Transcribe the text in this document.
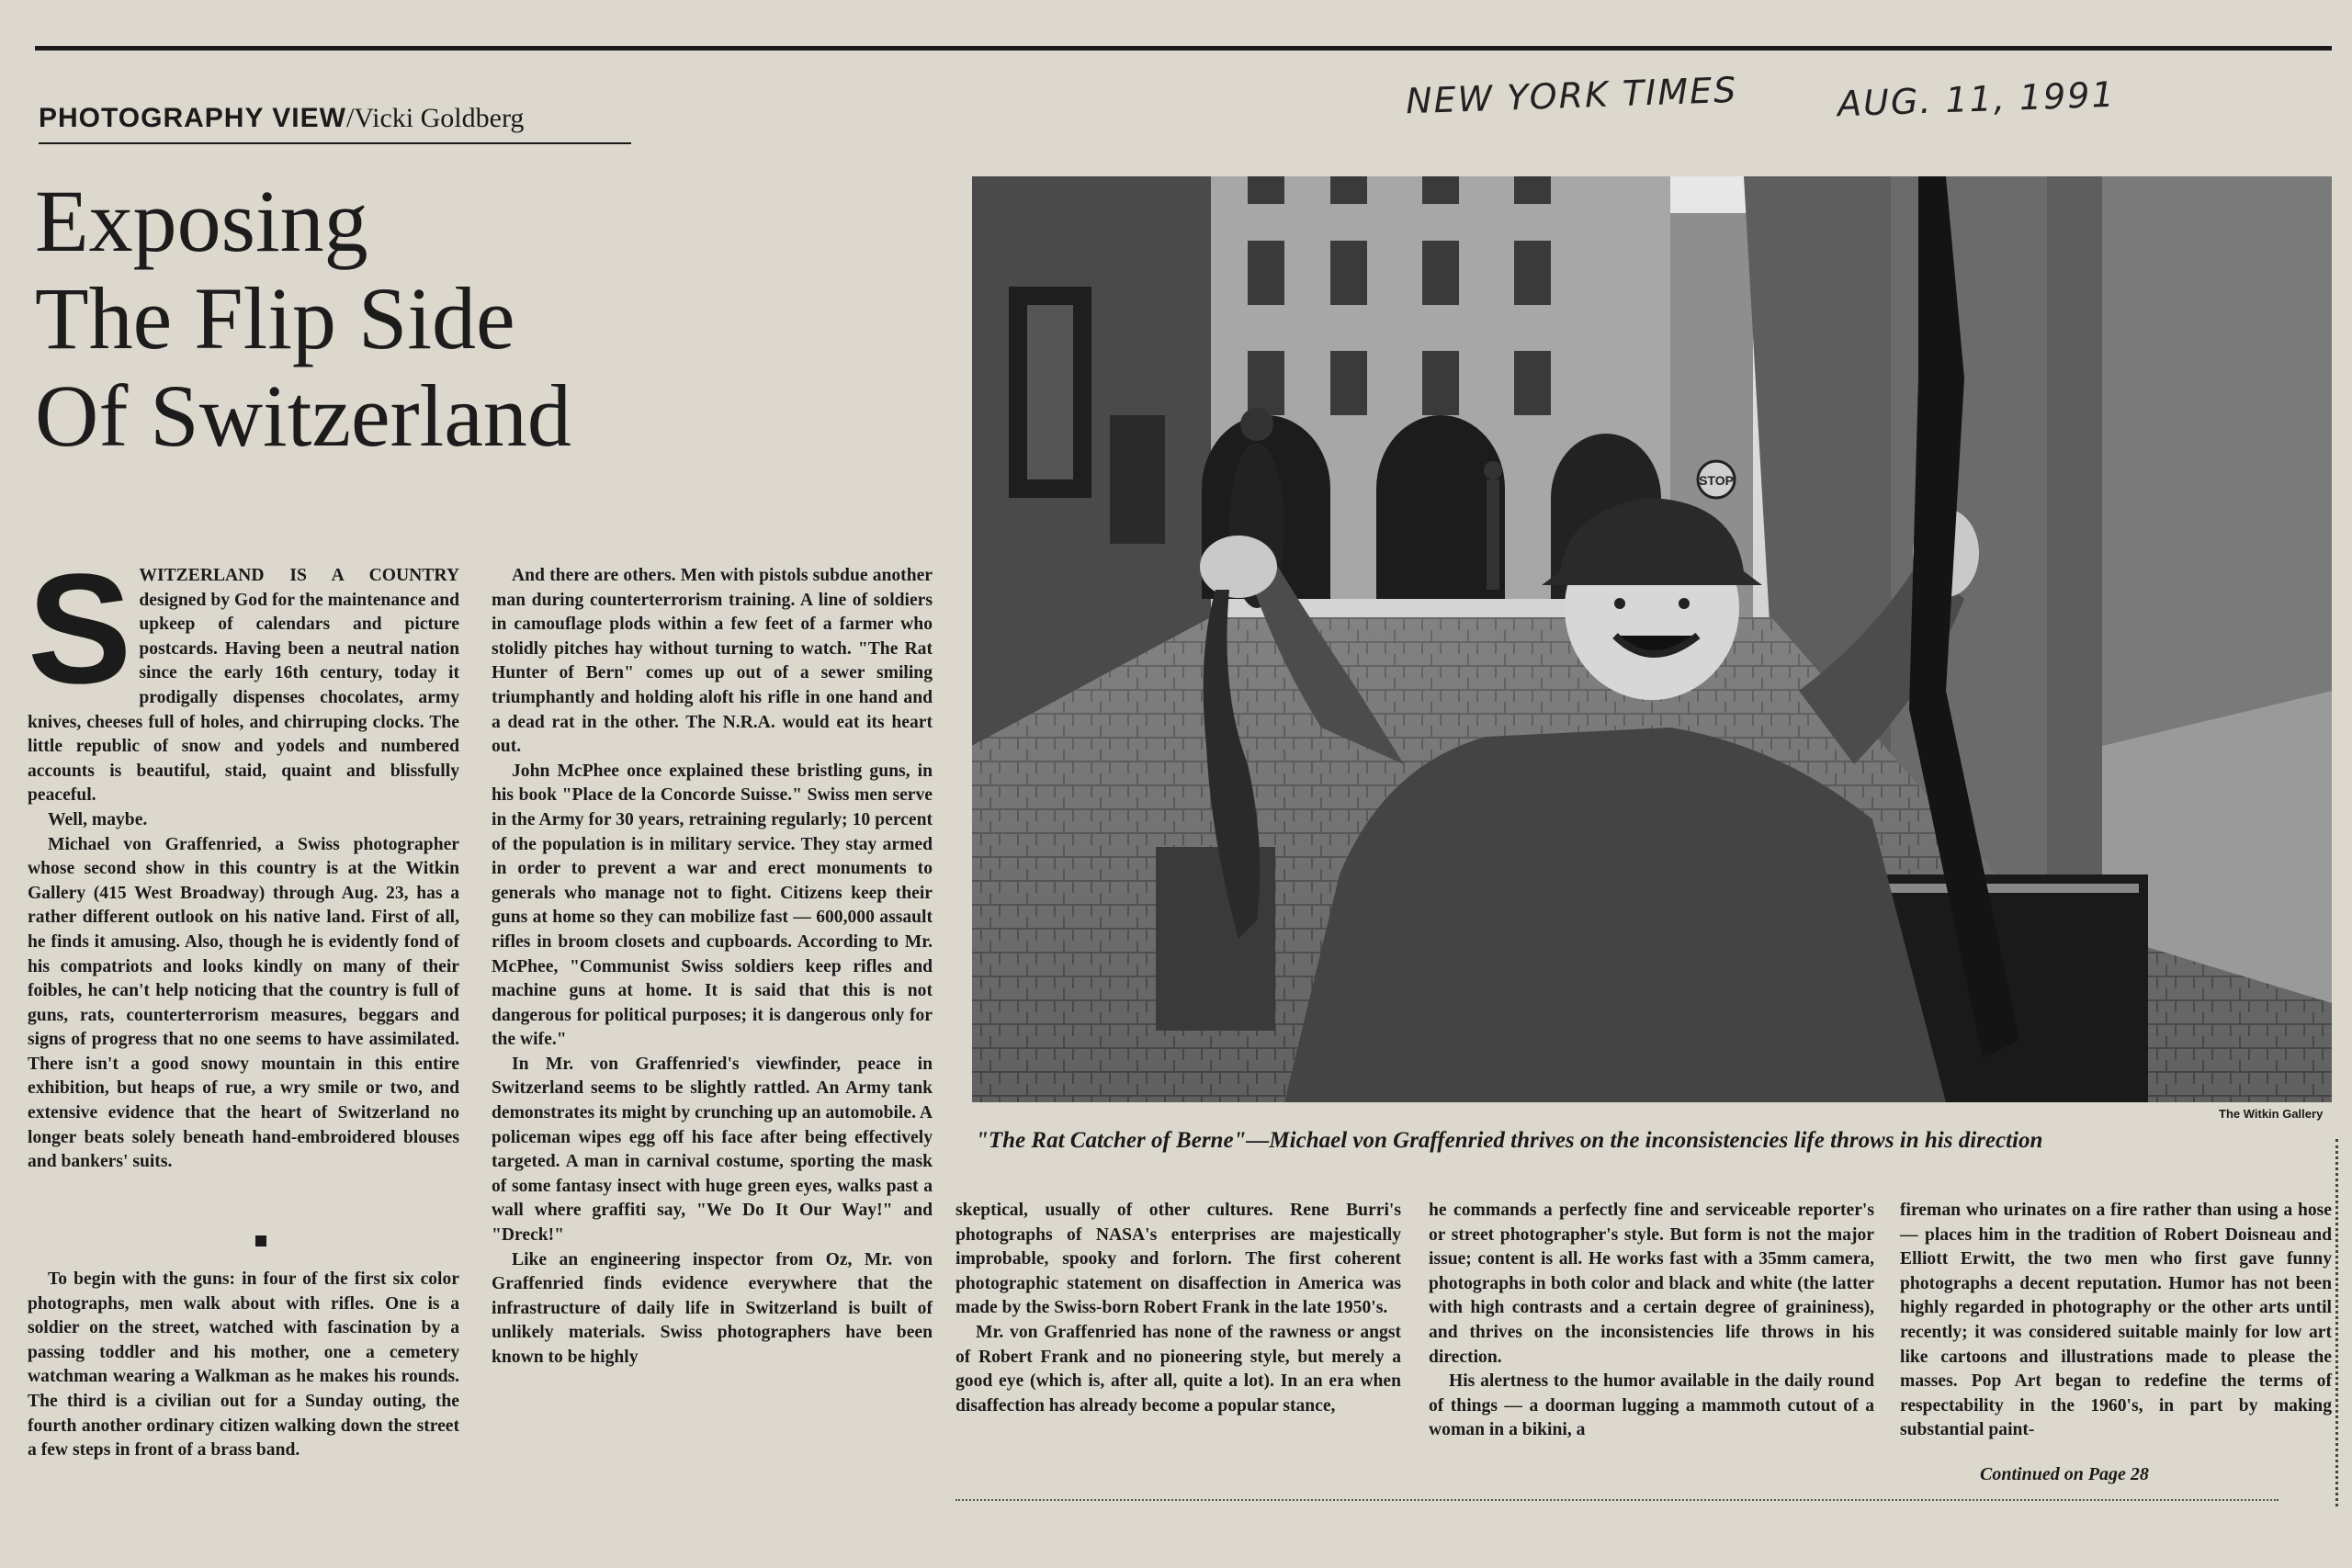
NEW YORK TIMES	AUG. 11, 1991
PHOTOGRAPHY VIEW/Vicki Goldberg
Exposing
The Flip Side
Of Switzerland
S WITZERLAND IS A COUNTRY designed by God for the maintenance and upkeep of calendars and picture postcards. Having been a neutral nation since the early 16th century, today it prodigally dispenses chocolates, army knives, cheeses full of holes, and chirruping clocks. The little republic of snow and yodels and numbered accounts is beautiful, staid, quaint and blissfully peaceful.

Well, maybe.

Michael von Graffenried, a Swiss photographer whose second show in this country is at the Witkin Gallery (415 West Broadway) through Aug. 23, has a rather different outlook on his native land. First of all, he finds it amusing. Also, though he is evidently fond of his compatriots and looks kindly on many of their foibles, he can't help noticing that the country is full of guns, rats, counterterrorism measures, beggars and signs of progress that no one seems to have assimilated. There isn't a good snowy mountain in this entire exhibition, but heaps of rue, a wry smile or two, and extensive evidence that the heart of Switzerland no longer beats solely beneath hand-embroidered blouses and bankers' suits.

To begin with the guns: in four of the first six color photographs, men walk about with rifles. One is a soldier on the street, watched with fascination by a passing toddler and his mother, one a cemetery watchman wearing a Walkman as he makes his rounds. The third is a civilian out for a Sunday outing, the fourth another ordinary citizen walking down the street a few steps in front of a brass band.

And there are others. Men with pistols subdue another man during counterterrorism training. A line of soldiers in camouflage plods within a few feet of a farmer who stolidly pitches hay without turning to watch. "The Rat Hunter of Bern" comes up out of a sewer smiling triumphantly and holding aloft his rifle in one hand and a dead rat in the other. The N.R.A. would eat its heart out.

John McPhee once explained these bristling guns, in his book "Place de la Concorde Suisse." Swiss men serve in the Army for 30 years, retraining regularly; 10 percent of the population is in military service. They stay armed in order to prevent a war and erect monuments to generals who manage not to fight. Citizens keep their guns at home so they can mobilize fast — 600,000 assault rifles in broom closets and cupboards. According to Mr. McPhee, "Communist Swiss soldiers keep rifles and machine guns at home. It is said that this is not dangerous for political purposes; it is dangerous only for the wife."

In Mr. von Graffenried's viewfinder, peace in Switzerland seems to be slightly rattled. An Army tank demonstrates its might by crunching up an automobile. A policeman wipes egg off his face after being effectively targeted. A man in carnival costume, sporting the mask of some fantasy insect with huge green eyes, walks past a wall where graffiti say, "We Do It Our Way!" and "Dreck!"

Like an engineering inspector from Oz, Mr. von Graffenried finds evidence everywhere that the infrastructure of daily life in Switzerland is built of unlikely materials. Swiss photographers have been known to be highly

STOP
The Witkin Gallery
"The Rat Catcher of Berne"—Michael von Graffenried thrives on the inconsistencies life throws in his direction

skeptical, usually of other cultures. Rene Burri's photographs of NASA's enterprises are majestically improbable, spooky and forlorn. The first coherent photographic statement on disaffection in America was made by the Swiss-born Robert Frank in the late 1950's.

Mr. von Graffenried has none of the rawness or angst of Robert Frank and no pioneering style, but merely a good eye (which is, after all, quite a lot). In an era when disaffection has already become a popular stance,

he commands a perfectly fine and serviceable reporter's or street photographer's style. But form is not the major issue; content is all. He works fast with a 35mm camera, photographs in both color and black and white (the latter with high contrasts and a certain degree of graininess), and thrives on the inconsistencies life throws in his direction.

His alertness to the humor available in the daily round of things — a doorman lugging a mammoth cutout of a woman in a bikini, a

fireman who urinates on a fire rather than using a hose — places him in the tradition of Robert Doisneau and Elliott Erwitt, the two men who first gave funny photographs a decent reputation. Humor has not been highly regarded in photography or the other arts until recently; it was considered suitable mainly for low art like cartoons and illustrations made to please the masses. Pop Art began to redefine the terms of respectability in the 1960's, in part by making substantial paint-

Continued on Page 28
